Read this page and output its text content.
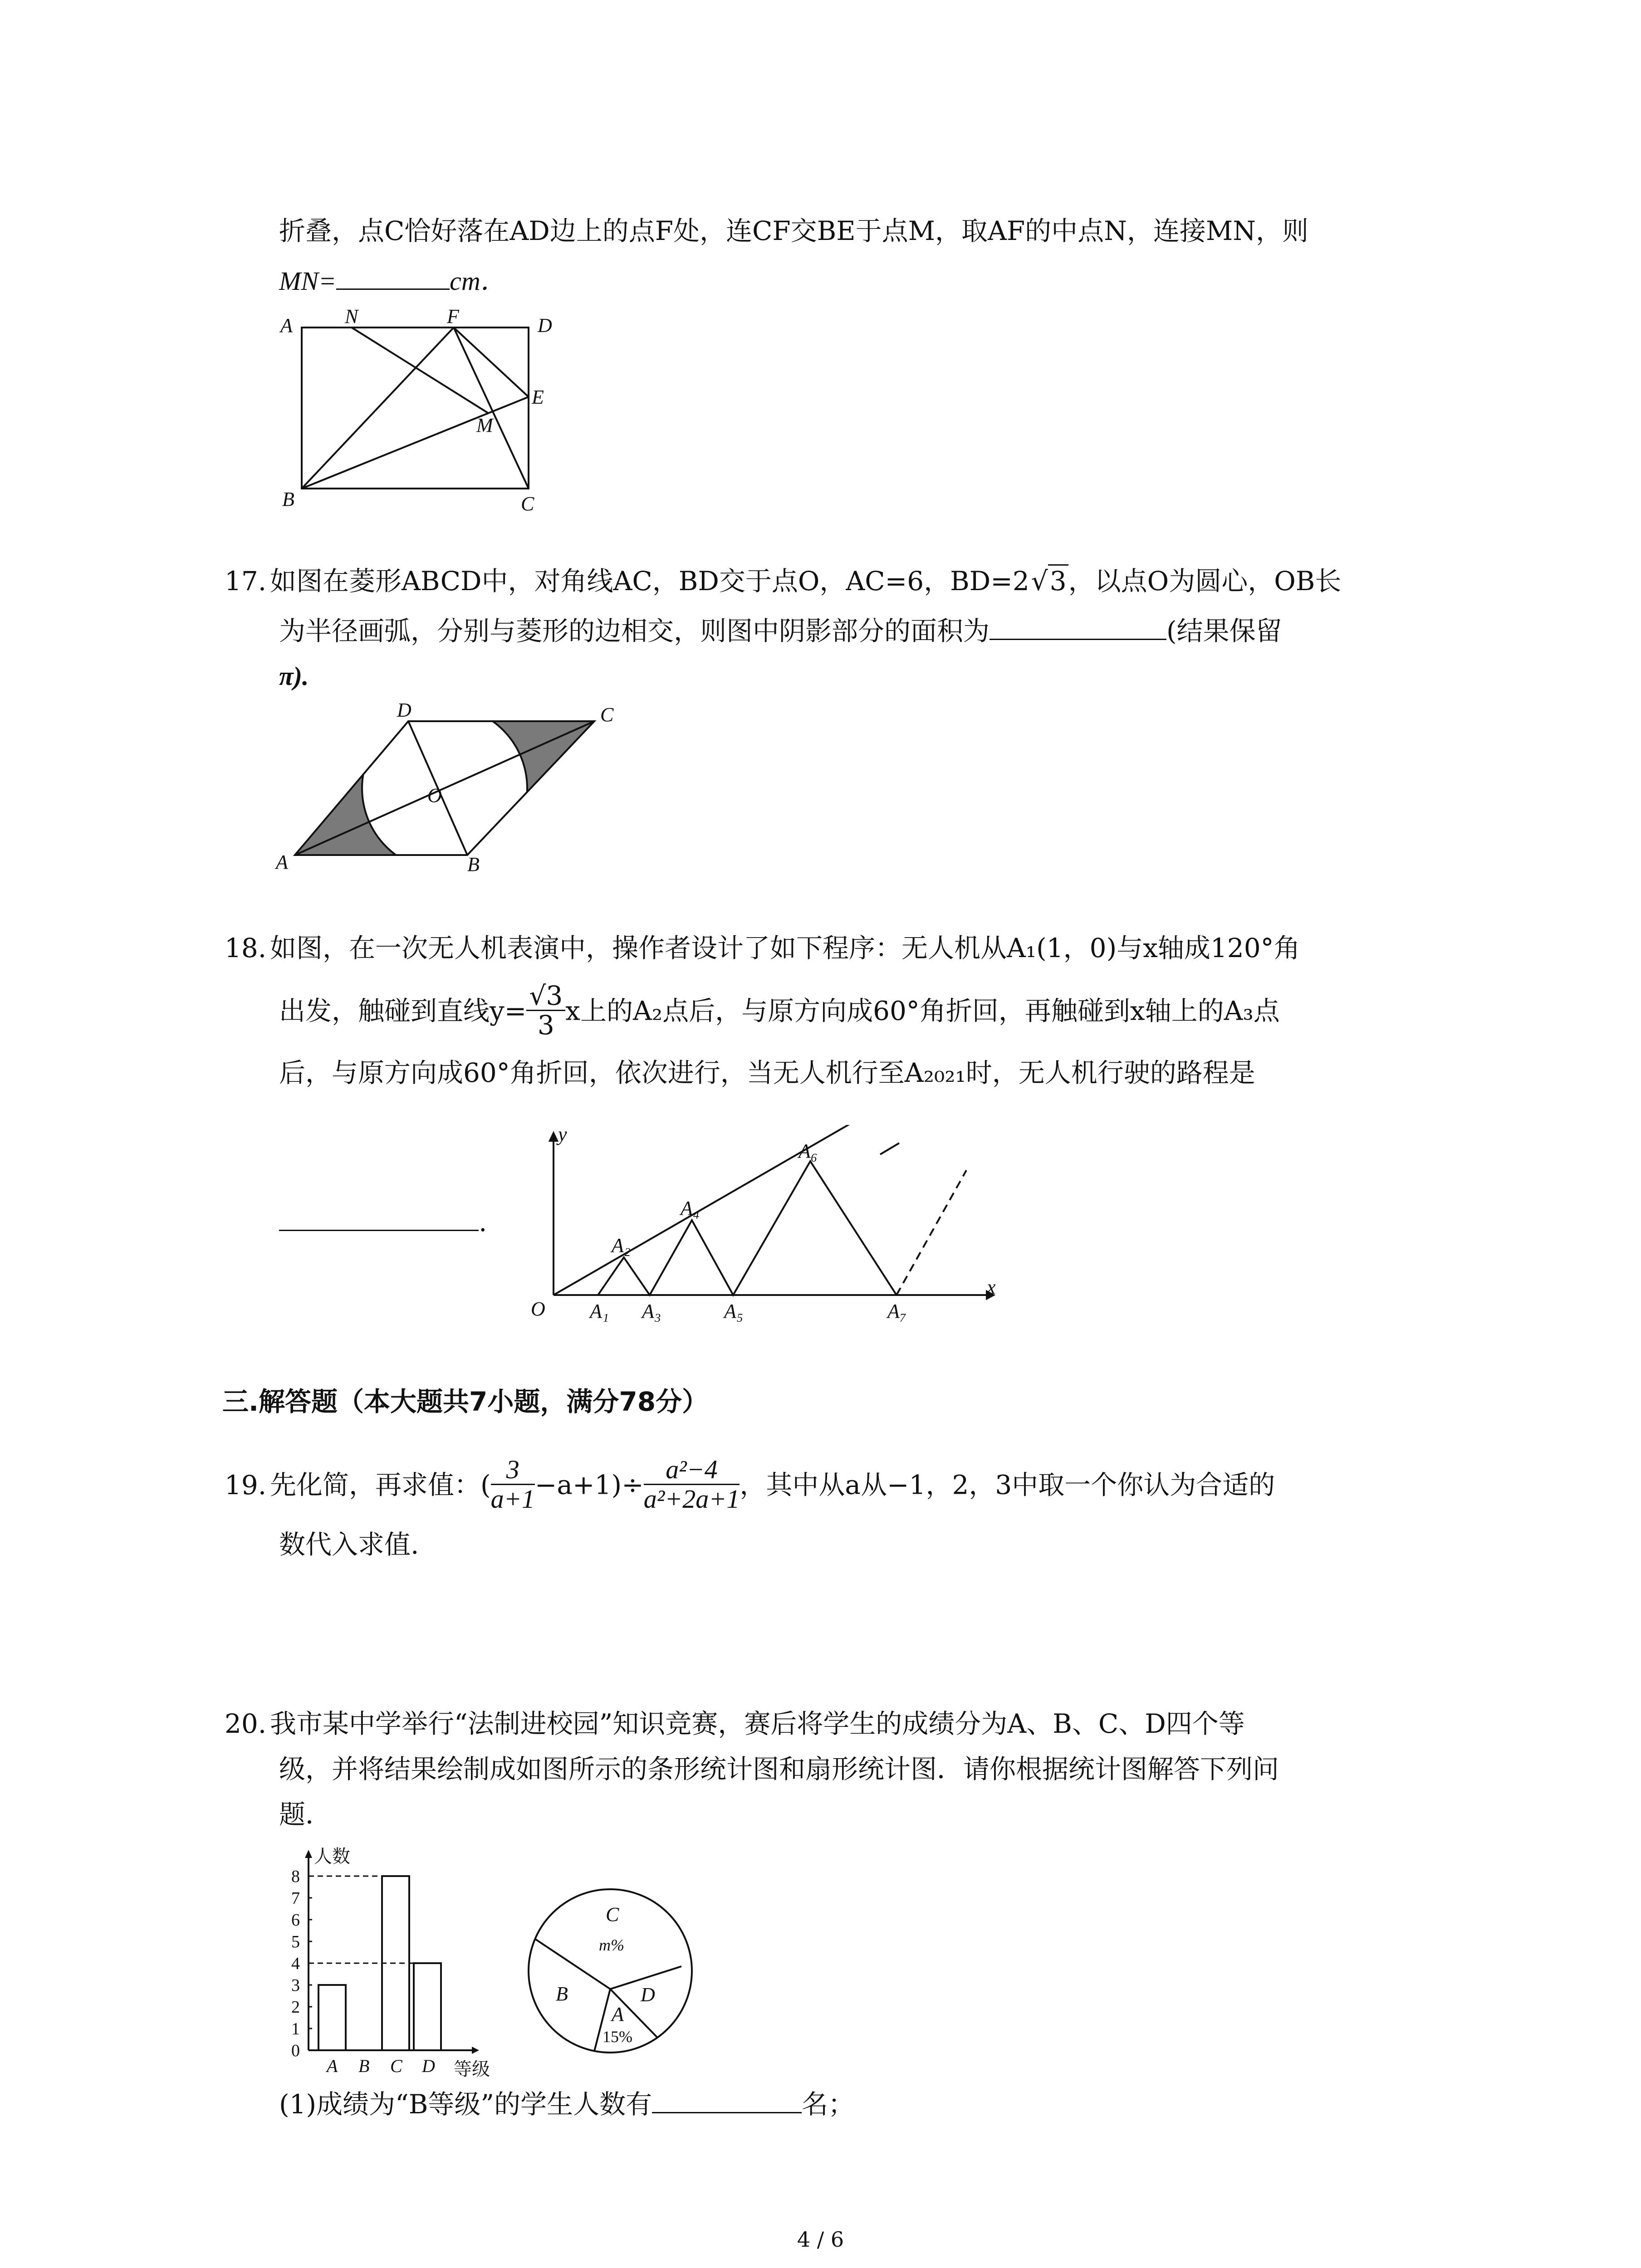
折叠，点C恰好落在AD边上的点F处，连CF交BE于点M，取AF的中点N，连接MN，则
MN=	cm．
A	N	F	D
E
M
B	C
17. 如图在菱形ABCD中，对角线AC，BD交于点O，AC=6，BD=2√3，以点O为圆心，OB长
为半径画弧，分别与菱形的边相交，则图中阴影部分的面积为	(结果保留
π).
D	C
O
A	B
18. 如图，在一次无人机表演中，操作者设计了如下程序：无人机从A₁(1，0)与x轴成120°角
出发，触碰到直线$y= \frac{√3}{3}$ x上的A₂点后，与原方向成60°角折回，再触碰到x轴上的A₃点
后，与原方向成60°角折回，依次进行，当无人机行至A₂₀₂₁时，无人机行驶的路程是
.
y
x
O A₁
A₂
A₃
A₄
A₅
A₆
A₇
三.解答题（本大题共7小题，满分78分）
19. 先化简，再求值：( $\frac{3}{a+1} -a+1)\div \frac{\text{a²−4}}{\text{a²+2a+1}}$ ，其中从a从−1，2，3中取一个你认为合适的
数代入求值.
20. 我市某中学举行“法制进校园”知识竞赛，赛后将学生的成绩分为A、B、C、D四个等
级，并将结果绘制成如图所示的条形统计图和扇形统计图．请你根据统计图解答下列问
题．
0
1
2
3
4
5
6
7
8
A B C D
人数
等级
C
m%
B	D
A
15%
(1)成绩为“B等级”的学生人数有	名；
4 / 6
